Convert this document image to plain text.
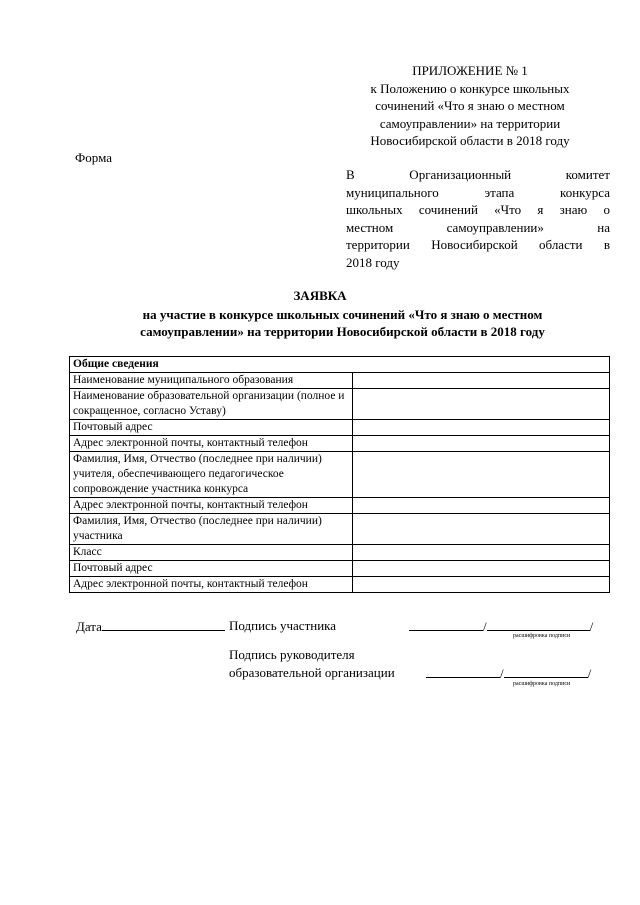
ПРИЛОЖЕНИЕ № 1
к Положению о конкурсе школьных
сочинений «Что я знаю о местном
самоуправлении» на территории
Новосибирской области в 2018 году
Форма
В Организационный комитет
муниципального этапа конкурса
школьных сочинений «Что я знаю о
местном самоуправлении» на
территории Новосибирской области в
2018 году
ЗАЯВКА
на участие в конкурсе школьных сочинений «Что я знаю о местном
самоуправлении» на территории Новосибирской области в 2018 году
Общие сведения	
Наименование муниципального образования	
Наименование образовательной организации (полное и сокращенное, согласно Уставу)	
Почтовый адрес	
Адрес электронной почты, контактный телефон	
Фамилия, Имя, Отчество (последнее при наличии) учителя, обеспечивающего педагогическое сопровождение участника конкурса	
Адрес электронной почты, контактный телефон	
Фамилия, Имя, Отчество (последнее при наличии) участника	
Класс	
Почтовый адрес	
Адрес электронной почты, контактный телефон	
Дата	Подпись участника	/	/
расшифровка подписи
Подпись руководителя
образовательной организации	/	/
расшифровка подписи
